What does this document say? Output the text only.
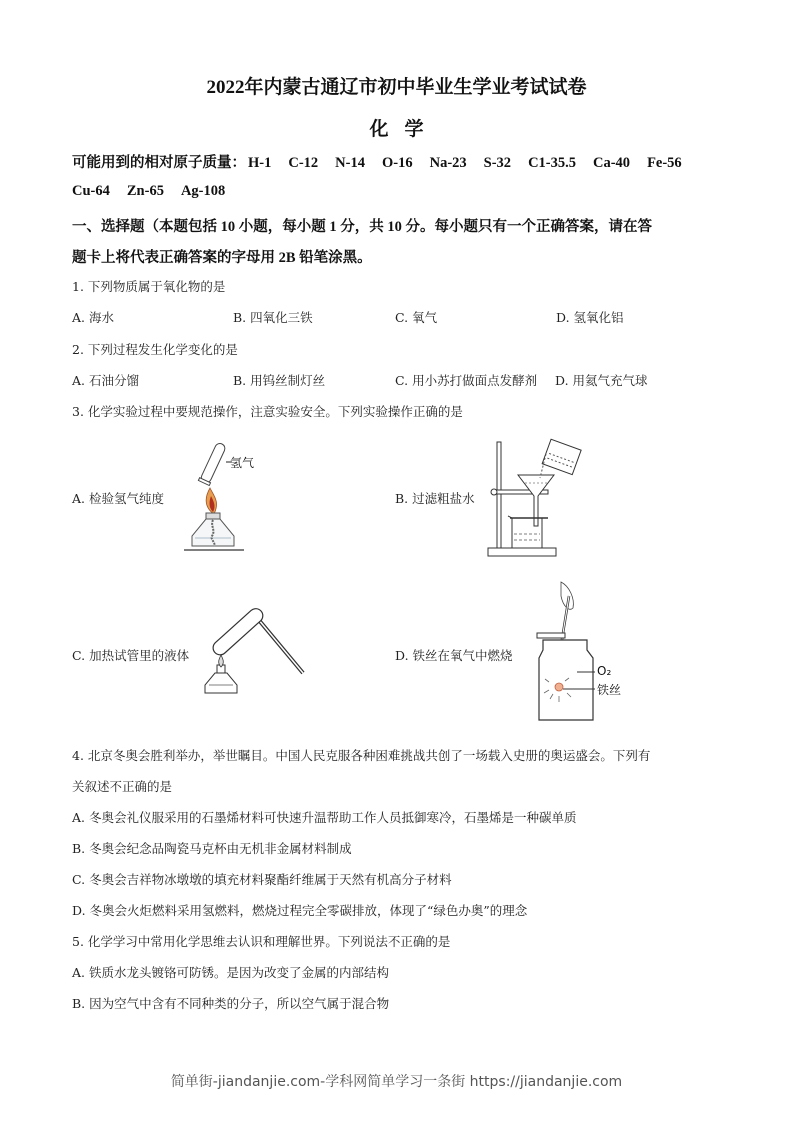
2022年内蒙古通辽市初中毕业生学业考试试卷
化学
可能用到的相对原子质量： H-1 C-12 N-14 O-16 Na-23 S-32 C1-35.5 Ca-40 Fe-56
Cu-64 Zn-65 Ag-108
一、选择题（本题包括 10 小题，每小题 1 分，共 10 分。每小题只有一个正确答案，请在答
题卡上将代表正确答案的字母用 2B 铅笔涂黑。
1. 下列物质属于氧化物的是
A. 海水	B. 四氧化三铁	C. 氧气	D. 氢氧化铝
2. 下列过程发生化学变化的是
A. 石油分馏	B. 用钨丝制灯丝	C. 用小苏打做面点发酵剂 D. 用氦气充气球
3. 化学实验过程中要规范操作，注意实验安全。下列实验操作正确的是
A. 检验氢气纯度	B. 过滤粗盐水
C. 加热试管里的液体	D. 铁丝在氧气中燃烧
氢气
O₂
铁丝
4. 北京冬奥会胜利举办，举世瞩目。中国人民克服各种困难挑战共创了一场载入史册的奥运盛会。下列有
关叙述不正确的是
A. 冬奥会礼仪服采用的石墨烯材料可快速升温帮助工作人员抵御寒冷，石墨烯是一种碳单质
B. 冬奥会纪念品陶瓷马克杯由无机非金属材料制成
C. 冬奥会吉祥物冰墩墩的填充材料聚酯纤维属于天然有机高分子材料
D. 冬奥会火炬燃料采用氢燃料，燃烧过程完全零碳排放，体现了“绿色办奥”的理念
5. 化学学习中常用化学思维去认识和理解世界。下列说法不正确的是
A. 铁质水龙头镀铬可防锈。是因为改变了金属的内部结构
B. 因为空气中含有不同种类的分子，所以空气属于混合物
简单街-jiandanjie.com-学科网简单学习一条街 https://jiandanjie.com
